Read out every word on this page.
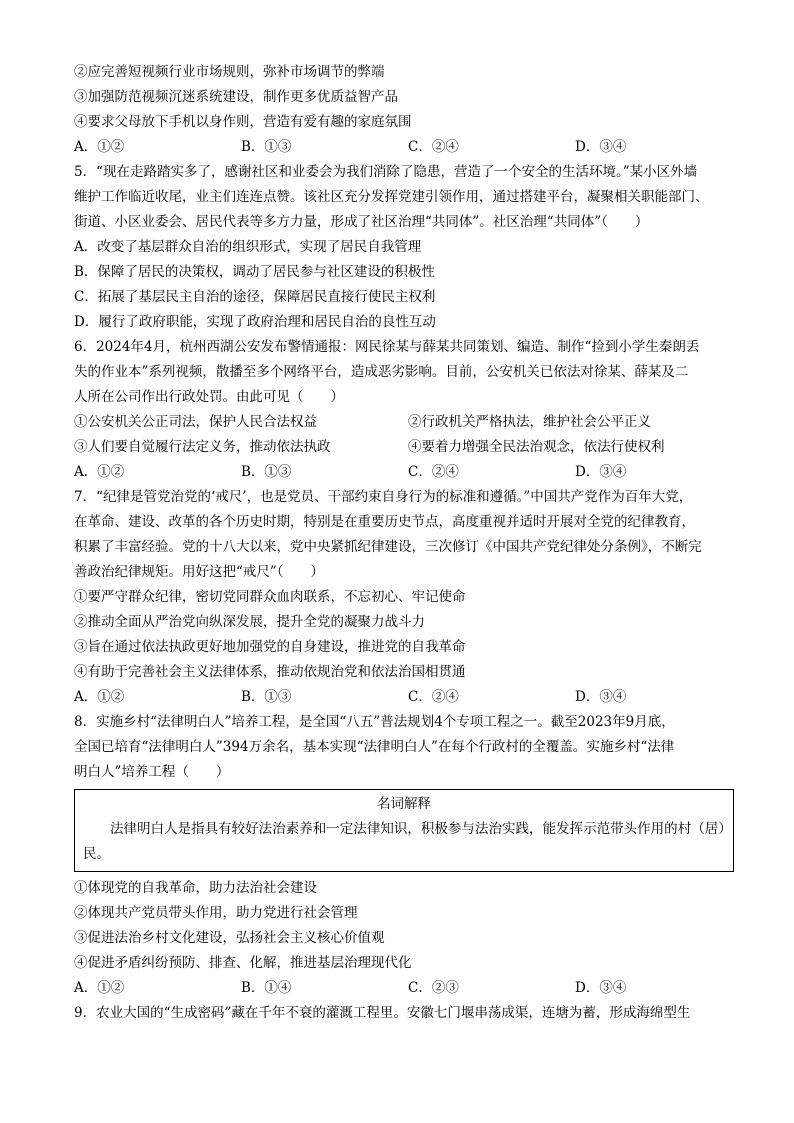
②应完善短视频行业市场规则，弥补市场调节的弊端
③加强防范视频沉迷系统建设，制作更多优质益智产品
④要求父母放下手机以身作则，营造有爱有趣的家庭氛围
A．①②	B．①③	C．②④	D．③④
5．“现在走路踏实多了，感谢社区和业委会为我们消除了隐患，营造了一个安全的生活环境。”某小区外墙
维护工作临近收尾，业主们连连点赞。该社区充分发挥党建引领作用，通过搭建平台，凝聚相关职能部门、
街道、小区业委会、居民代表等多方力量，形成了社区治理“共同体”。社区治理“共同体”（　　）
A．改变了基层群众自治的组织形式，实现了居民自我管理
B．保障了居民的决策权，调动了居民参与社区建设的积极性
C．拓展了基层民主自治的途径，保障居民直接行使民主权利
D．履行了政府职能，实现了政府治理和居民自治的良性互动
6．2024年4月，杭州西湖公安发布警情通报：网民徐某与薛某共同策划、编造、制作“捡到小学生秦朗丢
失的作业本”系列视频，散播至多个网络平台，造成恶劣影响。目前，公安机关已依法对徐某、薛某及二
人所在公司作出行政处罚。由此可见（　　）
①公安机关公正司法，保护人民合法权益	②行政机关严格执法，维护社会公平正义
③人们要自觉履行法定义务，推动依法执政	④要着力增强全民法治观念，依法行使权利
A．①②	B．①③	C．②④	D．③④
7．“纪律是管党治党的‘戒尺’，也是党员、干部约束自身行为的标准和遵循。”中国共产党作为百年大党，
在革命、建设、改革的各个历史时期，特别是在重要历史节点，高度重视并适时开展对全党的纪律教育，
积累了丰富经验。党的十八大以来，党中央紧抓纪律建设，三次修订《中国共产党纪律处分条例》，不断完
善政治纪律规矩。用好这把“戒尺”（　　）
①要严守群众纪律，密切党同群众血肉联系，不忘初心、牢记使命
②推动全面从严治党向纵深发展，提升全党的凝聚力战斗力
③旨在通过依法执政更好地加强党的自身建设，推进党的自我革命
④有助于完善社会主义法律体系，推动依规治党和依法治国相贯通
A．①②	B．①③	C．②④	D．③④
8．实施乡村“法律明白人”培养工程，是全国“八五”普法规划4个专项工程之一。截至2023年9月底，
全国已培育“法律明白人”394万余名，基本实现“法律明白人”在每个行政村的全覆盖。实施乡村“法律
明白人”培养工程（　　）
名词解释
法律明白人是指具有较好法治素养和一定法律知识，积极参与法治实践，能发挥示范带头作用的村（居）民。
①体现党的自我革命，助力法治社会建设
②体现共产党员带头作用，助力党进行社会管理
③促进法治乡村文化建设，弘扬社会主义核心价值观
④促进矛盾纠纷预防、排查、化解，推进基层治理现代化
A．①②	B．①④	C．②③	D．③④
9．农业大国的“生成密码”藏在千年不衰的灌溉工程里。安徽七门堰串荡成渠，连塘为蓄，形成海绵型生
